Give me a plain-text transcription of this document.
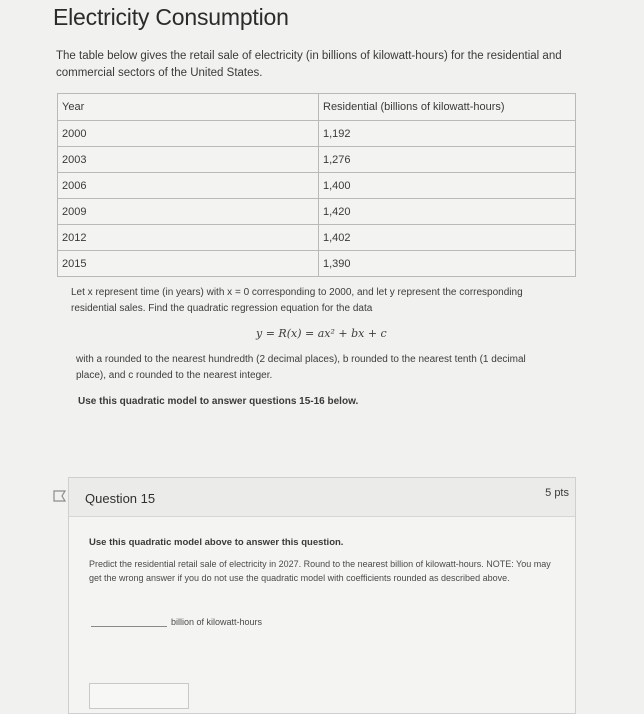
Electricity Consumption
The table below gives the retail sale of electricity (in billions of kilowatt-hours) for the residential and commercial sectors of the United States.
Year	Residential (billions of kilowatt-hours)
2000	1,192
2003	1,276
2006	1,400
2009	1,420
2012	1,402
2015	1,390
Let x represent time (in years) with x = 0 corresponding to 2000, and let y represent the corresponding residential sales. Find the quadratic regression equation for the data
y = R(x) = ax² + bx + c
with a rounded to the nearest hundredth (2 decimal places), b rounded to the nearest tenth (1 decimal place), and c rounded to the nearest integer.
Use this quadratic model to answer questions 15-16 below.
Question 15	5 pts
Use this quadratic model above to answer this question.
Predict the residential retail sale of electricity in 2027. Round to the nearest billion of kilowatt-hours. NOTE: You may get the wrong answer if you do not use the quadratic model with coefficients rounded as described above.
billion of kilowatt-hours
